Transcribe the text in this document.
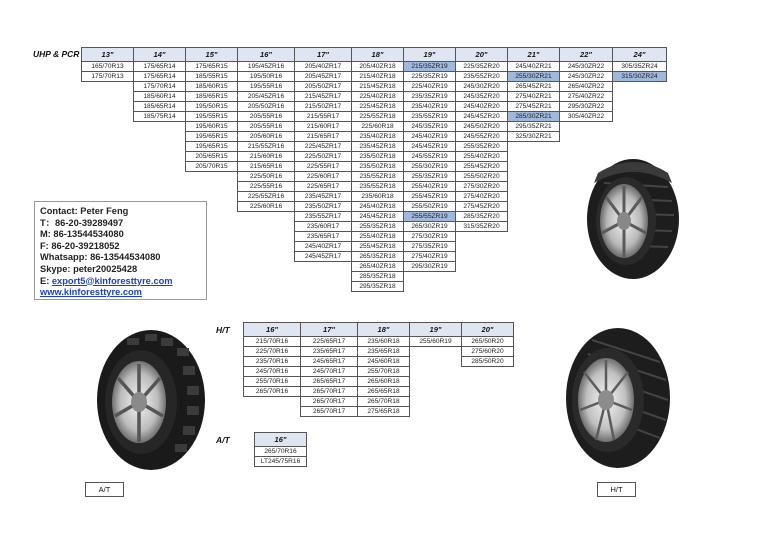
UHP & PCR
H/T
A/T
13"	14"	15"	16"	17"	18"	19"	20"	21"	22"	24"
165/70R13	175/65R14	175/65R15	195/45ZR16	205/40ZR17	205/40ZR18	215/35ZR19	225/35ZR20	245/40ZR21	245/30ZR22	305/35ZR24
175/70R13	175/65R14	185/55R15	195/50R16	205/45ZR17	215/40ZR18	225/35ZR19	235/55ZR20	255/30ZR21	245/30ZR22	315/30ZR24
	175/70R14	185/60R15	195/55R16	205/50ZR17	215/45ZR18	225/40ZR19	245/30ZR20	265/45ZR21	265/40ZR22	
	185/60R14	185/65R15	205/45ZR16	215/45ZR17	225/40ZR18	235/35ZR19	245/35ZR20	275/40ZR21	275/40ZR22	
	185/65R14	195/50R15	205/50ZR16	215/50ZR17	225/45ZR18	235/40ZR19	245/40ZR20	275/45ZR21	295/30ZR22	
	185/75R14	195/55R15	205/55R16	215/55R17	225/55ZR18	235/55ZR19	245/45ZR20	285/30ZR21	305/40ZR22	
		195/60R15	205/55R16	215/60R17	225/60R18	245/35ZR19	245/50ZR20	295/35ZR21		
		195/65R15	205/60R16	215/65R17	235/40ZR18	245/40ZR19	245/55ZR20	325/30ZR21		
		195/65R15	215/55ZR16	225/45ZR17	235/45ZR18	245/45ZR19	255/35ZR20			
		205/65R15	215/60R16	225/50ZR17	235/50ZR18	245/55ZR19	255/40ZR20			
		205/70R15	215/65R16	225/55R17	235/50ZR18	255/30ZR19	255/45ZR20			
			225/50R16	225/60R17	235/55ZR18	255/35ZR19	255/50ZR20			
			225/55R16	225/65R17	235/55ZR18	255/40ZR19	275/30ZR20			
			225/55ZR16	235/45ZR17	235/60R18	255/45ZR19	275/40ZR20			
			225/60R16	235/50ZR17	245/40ZR18	255/50ZR19	275/45ZR20			
				235/55ZR17	245/45ZR18	255/55ZR19	285/35ZR20			
				235/60R17	255/35ZR18	265/30ZR19	315/35ZR20			
				235/65R17	255/40ZR18	275/30ZR19				
				245/40ZR17	255/45ZR18	275/35ZR19				
				245/45ZR17	265/35ZR18	275/40ZR19				
					265/40ZR18	295/30ZR19				
					285/35ZR18					
					295/35ZR18					
16"	17"	18"	19"	20"
215/70R16	225/65R17	235/60R18	255/60R19	265/50R20
225/70R16	235/65R17	235/65R18		275/60R20
235/70R16	245/65R17	245/60R18		285/50R20
245/70R16	245/70R17	255/70R18		
255/70R16	265/65R17	265/60R18		
265/70R16	265/70R17	265/65R18		
	265/70R17	265/70R18		
	265/70R17	275/65R18		
16"
265/70R16
LT245/75R16
Contact: Peter Feng
T：86-20-39289497
M: 86-13544534080
F: 86-20-39218052
Whatsapp: 86-13544534080
Skype: peter20025428
E: export5@kinforesttyre.com
www.kinforesttyre.com
A/T	H/T
